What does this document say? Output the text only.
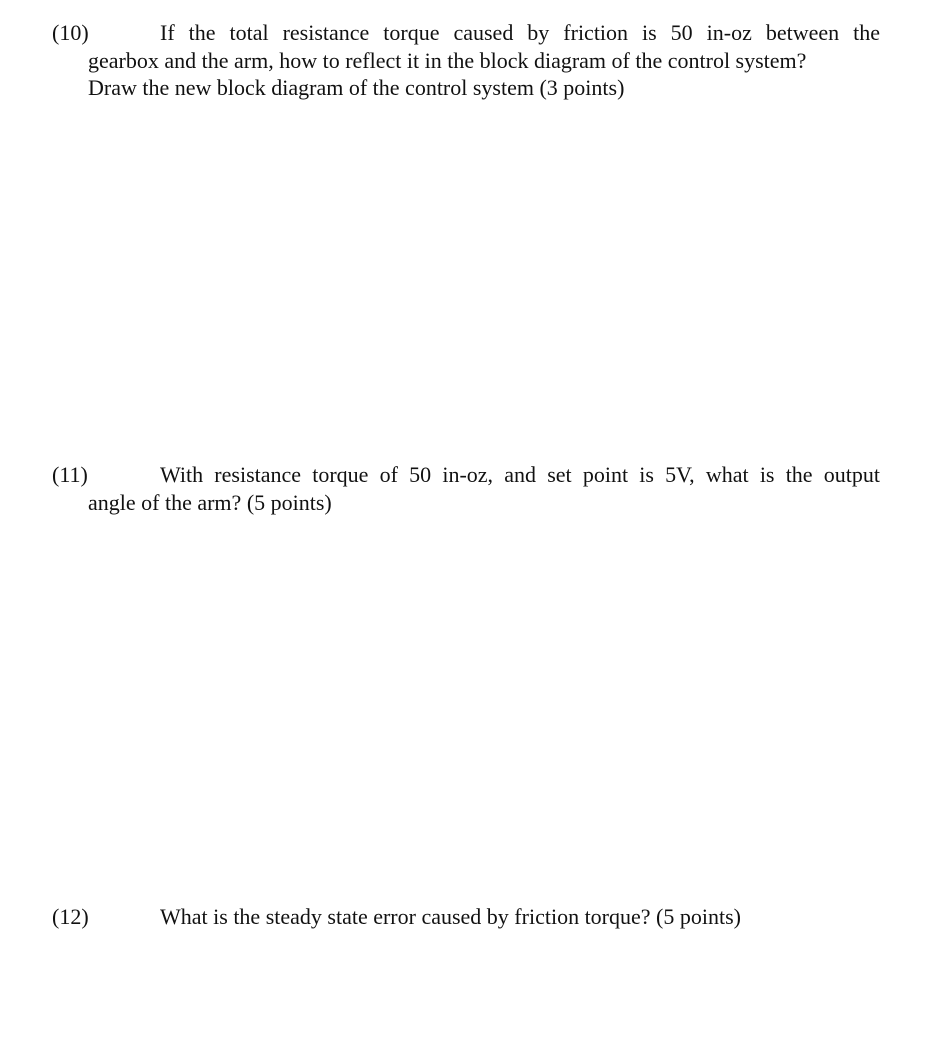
(10)	If the total resistance torque caused by friction is 50 in-oz between the
gearbox and the arm, how to reflect it in the block diagram of the control system?
Draw the new block diagram of the control system (3 points)
(11)	With resistance torque of 50 in-oz, and set point is 5V, what is the output
angle of the arm? (5 points)
(12)	What is the steady state error caused by friction torque? (5 points)
